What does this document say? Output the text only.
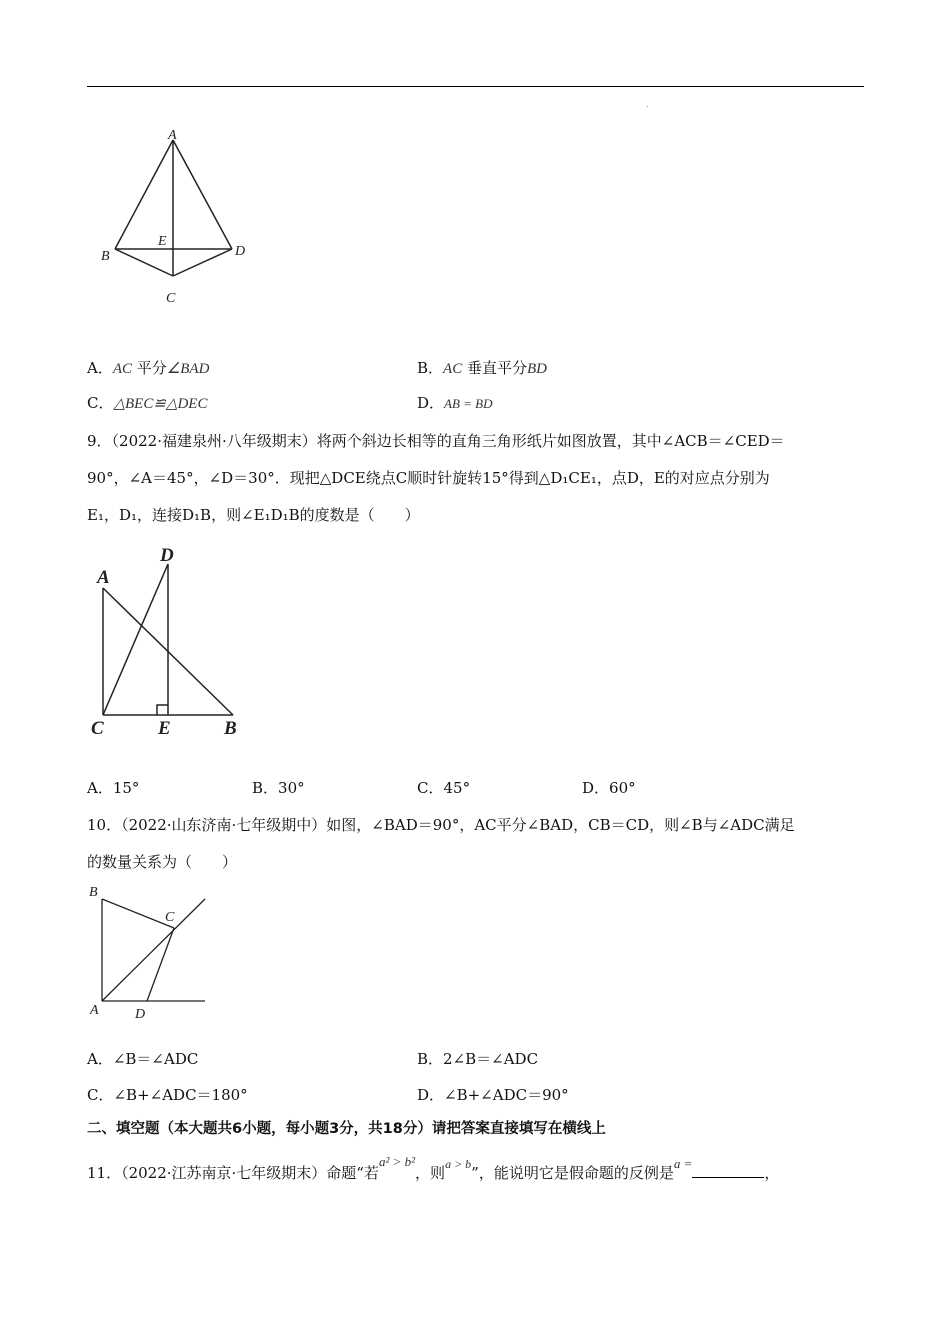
.
A
B
C
D
E
A．AC 平分∠BAD	B．AC 垂直平分BD
C．△BEC≌△DEC	D．AB = BD
9．（2022·福建泉州·八年级期末）将两个斜边长相等的直角三角形纸片如图放置，其中∠ACB＝∠CED＝
90°，∠A＝45°，∠D＝30°．现把△DCE绕点C顺时针旋转15°得到△D₁CE₁，点D，E的对应点分别为
E₁，D₁，连接D₁B，则∠E₁D₁B的度数是（　　）
A
D
C	E	B
A．15°	B．30°	C．45°	D．60°
10．（2022·山东济南·七年级期中）如图，∠BAD＝90°，AC平分∠BAD，CB＝CD，则∠B与∠ADC满足
的数量关系为（　　）
B
C
A	D
A．∠B＝∠ADC	B．2∠B＝∠ADC
C．∠B+∠ADC＝180°	D．∠B+∠ADC＝90°
二、填空题（本大题共6小题，每小题3分，共18分）请把答案直接填写在横线上
11．（2022·江苏南京·七年级期末）命题“若a² > b²，则$^{a > b}$”，能说明它是假命题的反例是a =，
